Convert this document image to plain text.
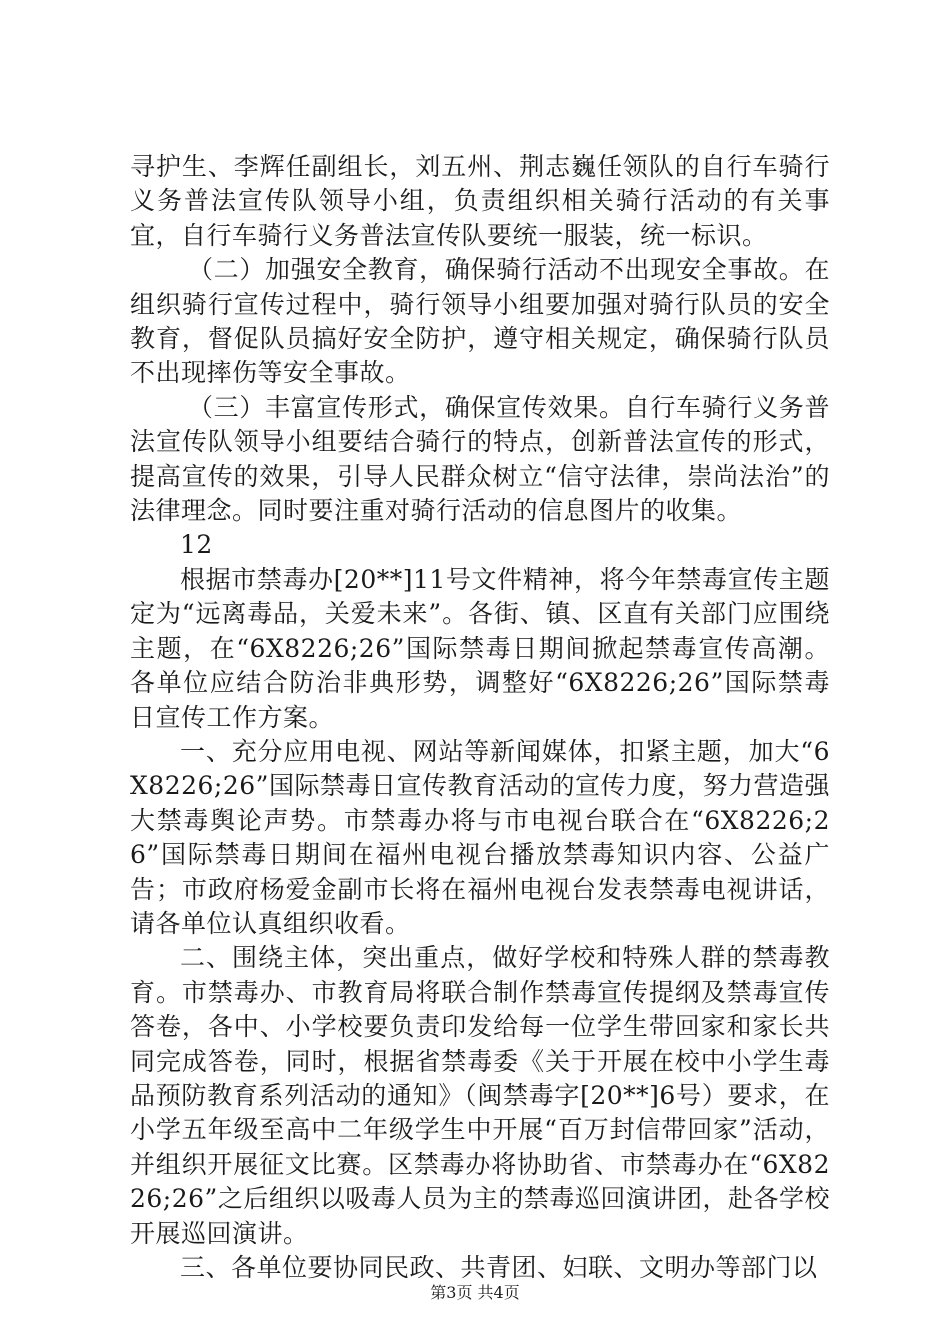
寻护生、李辉任副组长，刘五州、荆志巍任领队的自行车骑行义务普法宣传队领导小组，负责组织相关骑行活动的有关事宜，自行车骑行义务普法宣传队要统一服装，统一标识。

（二）加强安全教育，确保骑行活动不出现安全事故。在组织骑行宣传过程中，骑行领导小组要加强对骑行队员的安全教育，督促队员搞好安全防护，遵守相关规定，确保骑行队员不出现摔伤等安全事故。

（三）丰富宣传形式，确保宣传效果。自行车骑行义务普法宣传队领导小组要结合骑行的特点，创新普法宣传的形式，提高宣传的效果，引导人民群众树立“信守法律，崇尚法治”的法律理念。同时要注重对骑行活动的信息图片的收集。

12

根据市禁毒办[20**]11号文件精神，将今年禁毒宣传主题定为“远离毒品，关爱未来”。各街、镇、区直有关部门应围绕主题，在“6X8226;26”国际禁毒日期间掀起禁毒宣传高潮。各单位应结合防治非典形势，调整好“6X8226;26”国际禁毒日宣传工作方案。

一、充分应用电视、网站等新闻媒体，扣紧主题，加大“6X8226;26”国际禁毒日宣传教育活动的宣传力度，努力营造强大禁毒舆论声势。市禁毒办将与市电视台联合在“6X8226;26”国际禁毒日期间在福州电视台播放禁毒知识内容、公益广告；市政府杨爱金副市长将在福州电视台发表禁毒电视讲话，请各单位认真组织收看。

二、围绕主体，突出重点，做好学校和特殊人群的禁毒教育。市禁毒办、市教育局将联合制作禁毒宣传提纲及禁毒宣传答卷，各中、小学校要负责印发给每一位学生带回家和家长共同完成答卷，同时，根据省禁毒委《关于开展在校中小学生毒品预防教育系列活动的通知》（闽禁毒字[20**]6号）要求，在小学五年级至高中二年级学生中开展“百万封信带回家”活动，并组织开展征文比赛。区禁毒办将协助省、市禁毒办在“6X8226;26”之后组织以吸毒人员为主的禁毒巡回演讲团，赴各学校开展巡回演讲。

三、各单位要协同民政、共青团、妇联、文明办等部门以

第3页 共4页
